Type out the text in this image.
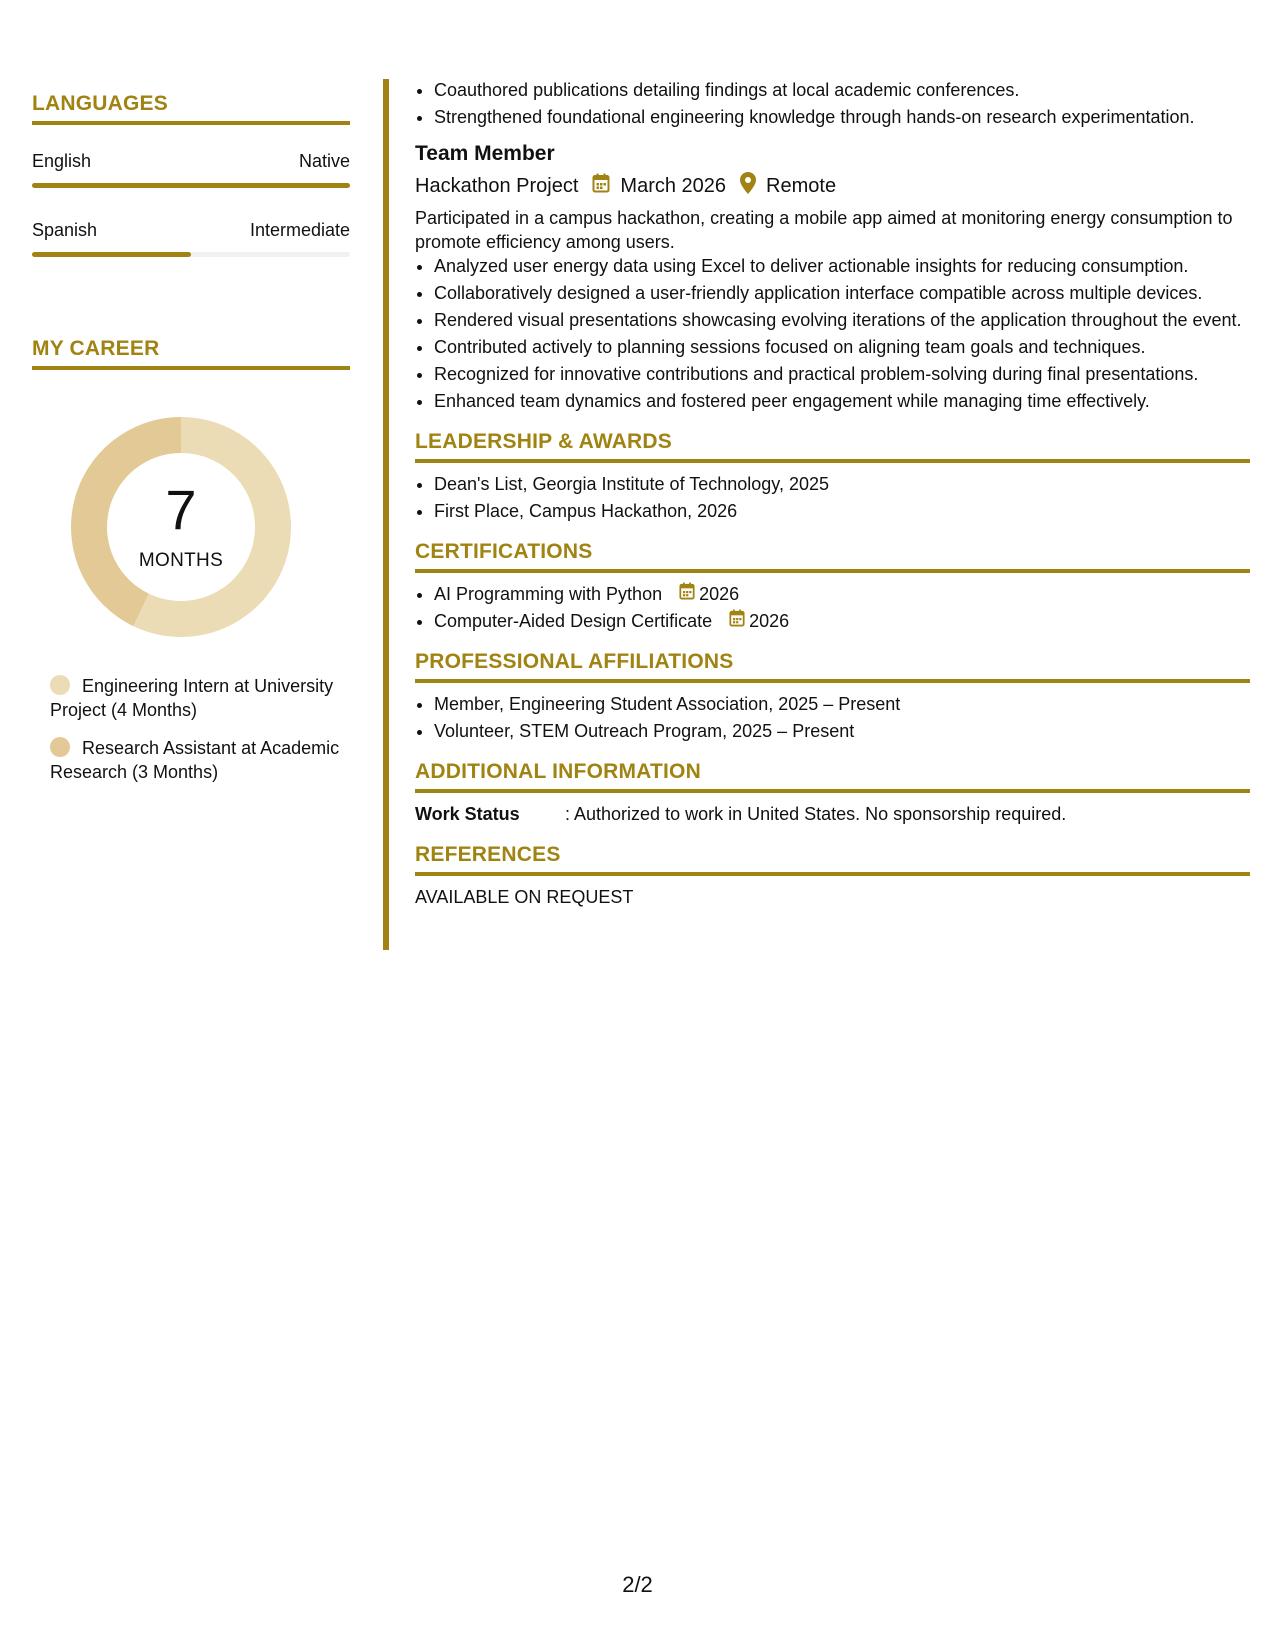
LANGUAGES
English	Native
Spanish	Intermediate
MY CAREER
7
MONTHS
Engineering Intern at University Project (4 Months)
Research Assistant at Academic Research (3 Months)
• Coauthored publications detailing findings at local academic conferences.
• Strengthened foundational engineering knowledge through hands-on research experimentation.
Team Member
Hackathon Project March 2026 Remote
Participated in a campus hackathon, creating a mobile app aimed at monitoring energy consumption to promote efficiency among users.
• Analyzed user energy data using Excel to deliver actionable insights for reducing consumption.
• Collaboratively designed a user-friendly application interface compatible across multiple devices.
• Rendered visual presentations showcasing evolving iterations of the application throughout the event.
• Contributed actively to planning sessions focused on aligning team goals and techniques.
• Recognized for innovative contributions and practical problem-solving during final presentations.
• Enhanced team dynamics and fostered peer engagement while managing time effectively.
LEADERSHIP & AWARDS
• Dean's List, Georgia Institute of Technology, 2025
• First Place, Campus Hackathon, 2026
CERTIFICATIONS
• AI Programming with Python 2026
• Computer-Aided Design Certificate 2026
PROFESSIONAL AFFILIATIONS
• Member, Engineering Student Association, 2025 – Present
• Volunteer, STEM Outreach Program, 2025 – Present
ADDITIONAL INFORMATION
Work Status	: Authorized to work in United States. No sponsorship required.
REFERENCES
AVAILABLE ON REQUEST
2/2
